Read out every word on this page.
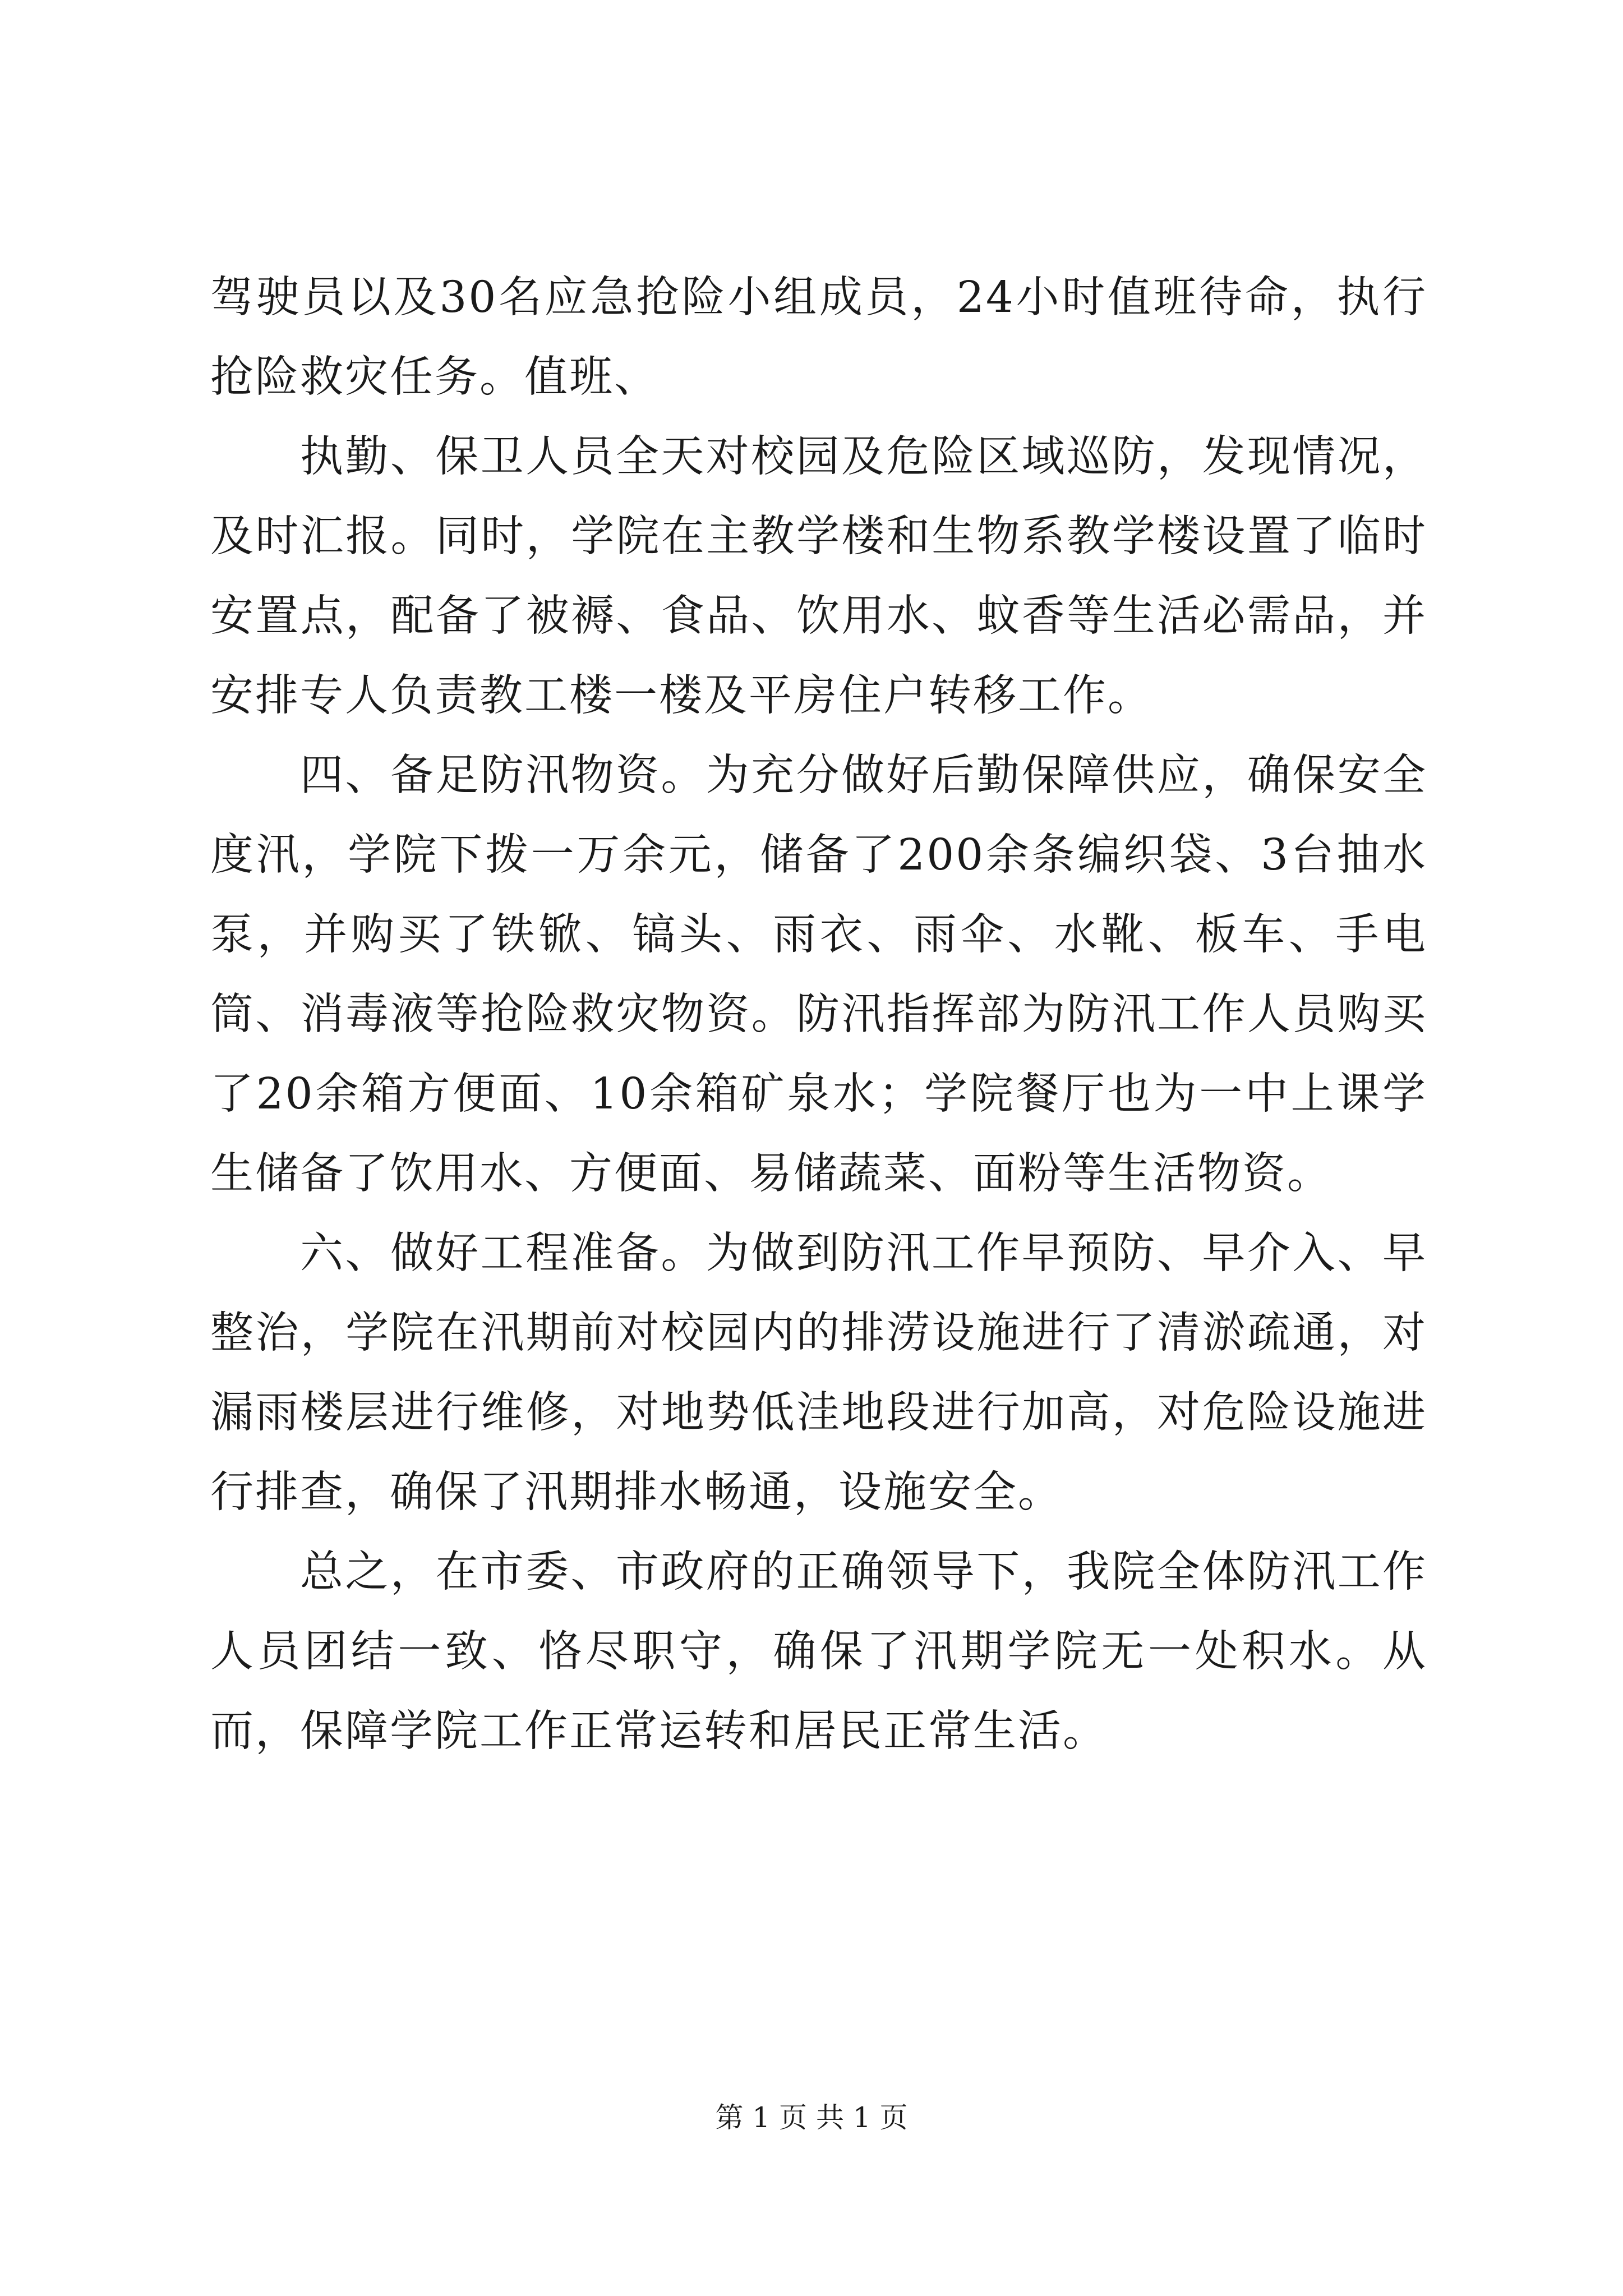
驾驶员以及30名应急抢险小组成员，24小时值班待命，执行抢险救灾任务。值班、

执勤、保卫人员全天对校园及危险区域巡防，发现情况，及时汇报。同时，学院在主教学楼和生物系教学楼设置了临时安置点，配备了被褥、食品、饮用水、蚊香等生活必需品，并安排专人负责教工楼一楼及平房住户转移工作。

四、备足防汛物资。为充分做好后勤保障供应，确保安全度汛，学院下拨一万余元，储备了200余条编织袋、3台抽水泵，并购买了铁锨、镐头、雨衣、雨伞、水靴、板车、手电筒、消毒液等抢险救灾物资。防汛指挥部为防汛工作人员购买了20余箱方便面、10余箱矿泉水；学院餐厅也为一中上课学生储备了饮用水、方便面、易储蔬菜、面粉等生活物资。

六、做好工程准备。为做到防汛工作早预防、早介入、早整治，学院在汛期前对校园内的排涝设施进行了清淤疏通，对漏雨楼层进行维修，对地势低洼地段进行加高，对危险设施进行排查，确保了汛期排水畅通，设施安全。

总之，在市委、市政府的正确领导下，我院全体防汛工作人员团结一致、恪尽职守，确保了汛期学院无一处积水。从而，保障学院工作正常运转和居民正常生活。

第 1 页 共 1 页
